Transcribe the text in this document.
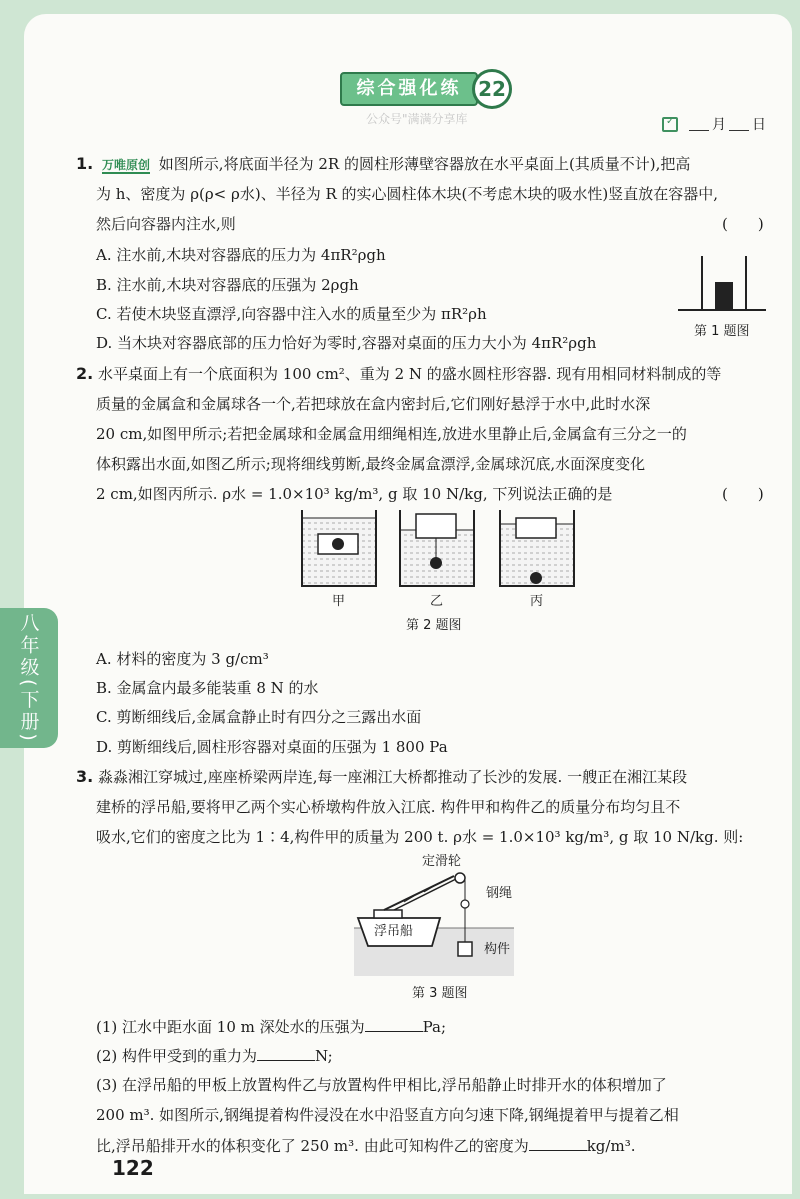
八年级(下册)
综合强化练 22
公众号"满满分享库
✓	月 日
1. 万唯原创 如图所示,将底面半径为 2R 的圆柱形薄壁容器放在水平桌面上(其质量不计),把高
为 h、密度为 ρ(ρ< ρ水)、半径为 R 的实心圆柱体木块(不考虑木块的吸水性)竖直放在容器中,
然后向容器内注水,则	(　　)
A. 注水前,木块对容器底的压力为 4πR²ρgh
B. 注水前,木块对容器底的压强为 2ρgh
C. 若使木块竖直漂浮,向容器中注入水的质量至少为 πR²ρh
D. 当木块对容器底部的压力恰好为零时,容器对桌面的压力大小为 4πR²ρgh
第 1 题图
2. 水平桌面上有一个底面积为 100 cm²、重为 2 N 的盛水圆柱形容器. 现有用相同材料制成的等
质量的金属盒和金属球各一个,若把球放在盒内密封后,它们刚好悬浮于水中,此时水深
20 cm,如图甲所示;若把金属球和金属盒用细绳相连,放进水里静止后,金属盒有三分之一的
体积露出水面,如图乙所示;现将细线剪断,最终金属盒漂浮,金属球沉底,水面深度变化
2 cm,如图丙所示. ρ水 = 1.0×10³ kg/m³, g 取 10 N/kg, 下列说法正确的是	(　　)
甲	乙	丙
第 2 题图
A. 材料的密度为 3 g/cm³
B. 金属盒内最多能装重 8 N 的水
C. 剪断细线后,金属盒静止时有四分之三露出水面
D. 剪断细线后,圆柱形容器对桌面的压强为 1 800 Pa
3. 淼淼湘江穿城过,座座桥梁两岸连,每一座湘江大桥都推动了长沙的发展. 一艘正在湘江某段
建桥的浮吊船,要将甲乙两个实心桥墩构件放入江底. 构件甲和构件乙的质量分布均匀且不
吸水,它们的密度之比为 1∶4,构件甲的质量为 200 t. ρ水 = 1.0×10³ kg/m³, g 取 10 N/kg. 则:
定滑轮
钢绳
浮吊船
构件
第 3 题图
(1) 江水中距水面 10 m 深处水的压强为	Pa;
(2) 构件甲受到的重力为	N;
(3) 在浮吊船的甲板上放置构件乙与放置构件甲相比,浮吊船静止时排开水的体积增加了
200 m³. 如图所示,钢绳提着构件浸没在水中沿竖直方向匀速下降,钢绳提着甲与提着乙相
比,浮吊船排开水的体积变化了 250 m³. 由此可知构件乙的密度为	kg/m³.
122
